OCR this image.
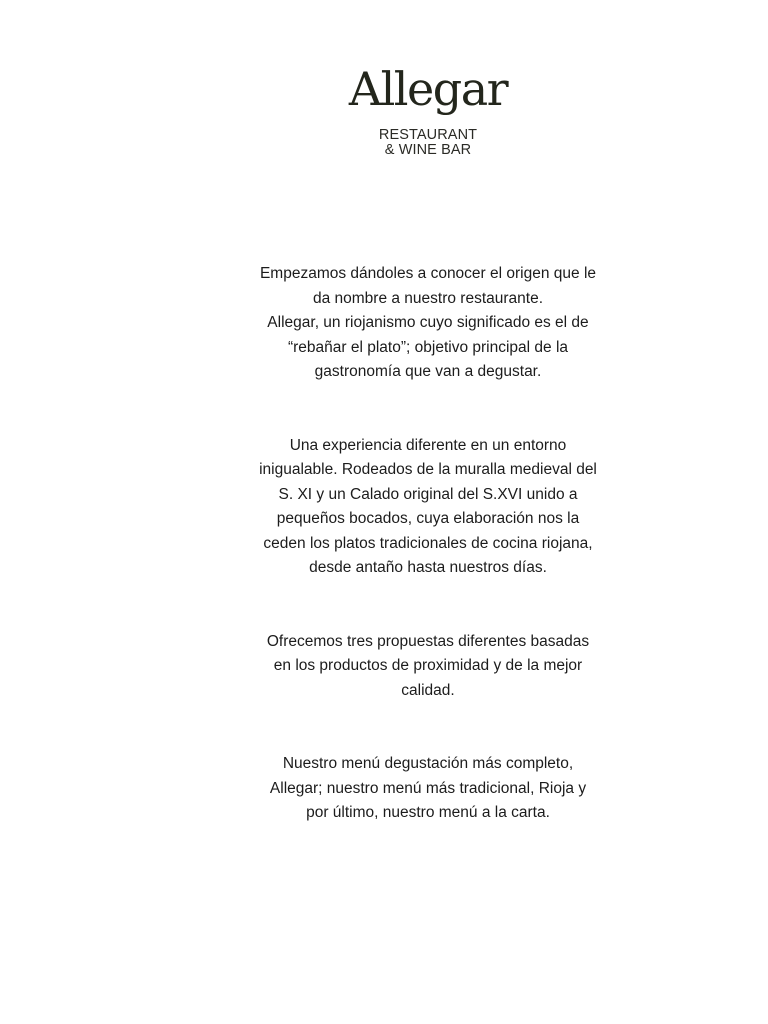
Allegar
RESTAURANT
& WINE BAR

Empezamos dándoles a conocer el origen que le
da nombre a nuestro restaurante.
Allegar, un riojanismo cuyo significado es el de
“rebañar el plato”; objetivo principal de la
gastronomía que van a degustar.

Una experiencia diferente en un entorno
inigualable. Rodeados de la muralla medieval del
S. XI y un Calado original del S.XVI unido a
pequeños bocados, cuya elaboración nos la
ceden los platos tradicionales de cocina riojana,
desde antaño hasta nuestros días.

Ofrecemos tres propuestas diferentes basadas
en los productos de proximidad y de la mejor
calidad.

Nuestro menú degustación más completo,
Allegar; nuestro menú más tradicional, Rioja y
por último, nuestro menú a la carta.
